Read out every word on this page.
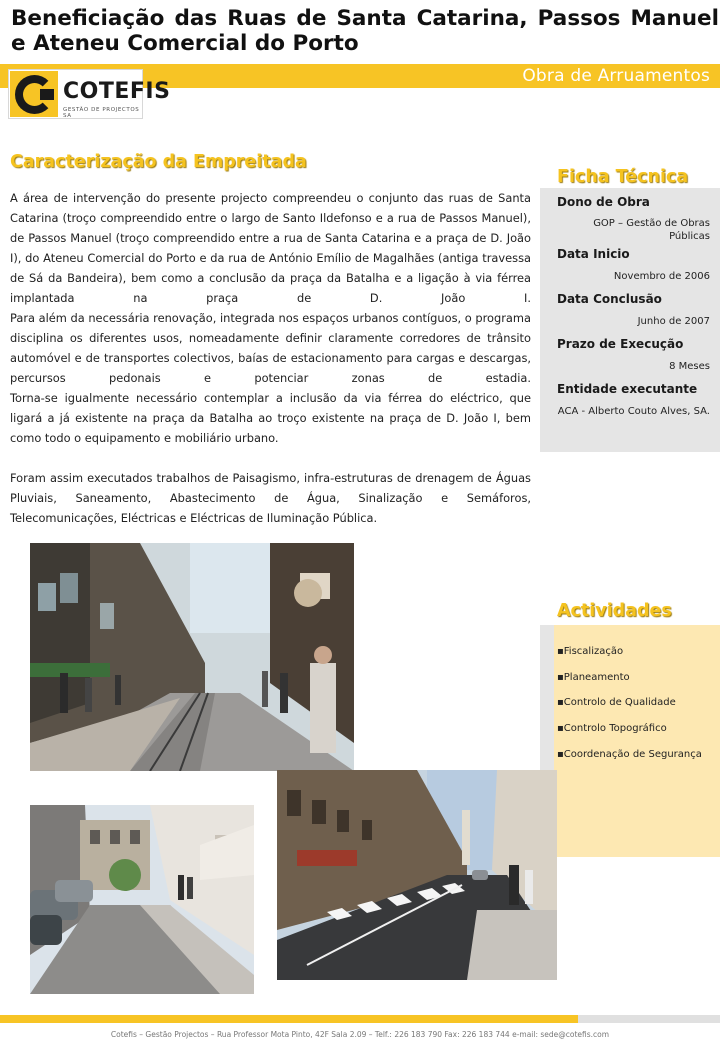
Beneficiação das Ruas de Santa Catarina, Passos Manuel e Ateneu Comercial do Porto
Obra de Arruamentos
COTEFIS
GESTÃO DE PROJECTOS SA
Caracterização da Empreitada

A área de intervenção do presente projecto compreendeu o conjunto das ruas de Santa Catarina (troço compreendido entre o largo de Santo Ildefonso e a rua de Passos Manuel), de Passos Manuel (troço compreendido entre a rua de Santa Catarina e a praça de D. João I), do Ateneu Comercial do Porto e da rua de António Emílio de Magalhães (antiga travessa de Sá da Bandeira), bem como a conclusão da praça da Batalha e a ligação à via férrea implantada na praça de D. João I.

Para além da necessária renovação, integrada nos espaços urbanos contíguos, o programa disciplina os diferentes usos, nomeadamente definir claramente corredores de trânsito automóvel e de transportes colectivos, baías de estacionamento para cargas e descargas, percursos pedonais e potenciar zonas de estadia.

Torna-se igualmente necessário contemplar a inclusão da via férrea do eléctrico, que ligará a já existente na praça da Batalha ao troço existente na praça de D. João I, bem como todo o equipamento e mobiliário urbano.

Foram assim executados trabalhos de Paisagismo, infra-estruturas de drenagem de Águas Pluviais, Saneamento, Abastecimento de Água, Sinalização e Semáforos, Telecomunicações, Eléctricas e Eléctricas de Iluminação Pública.

Ficha Técnica
Dono de Obra
GOP – Gestão de Obras Públicas
Data Inicio
Novembro de 2006
Data Conclusão
Junho de 2007
Prazo de Execução
8 Meses
Entidade executante
ACA - Alberto Couto Alves, SA.
Actividades
▪Fiscalização
▪Planeamento
▪Controlo de Qualidade
▪Controlo Topográfico
▪Coordenação de Segurança
Cotefis – Gestão Projectos – Rua Professor Mota Pinto, 42F Sala 2.09 – Telf.: 226 183 790 Fax: 226 183 744 e-mail: sede@cotefis.com
